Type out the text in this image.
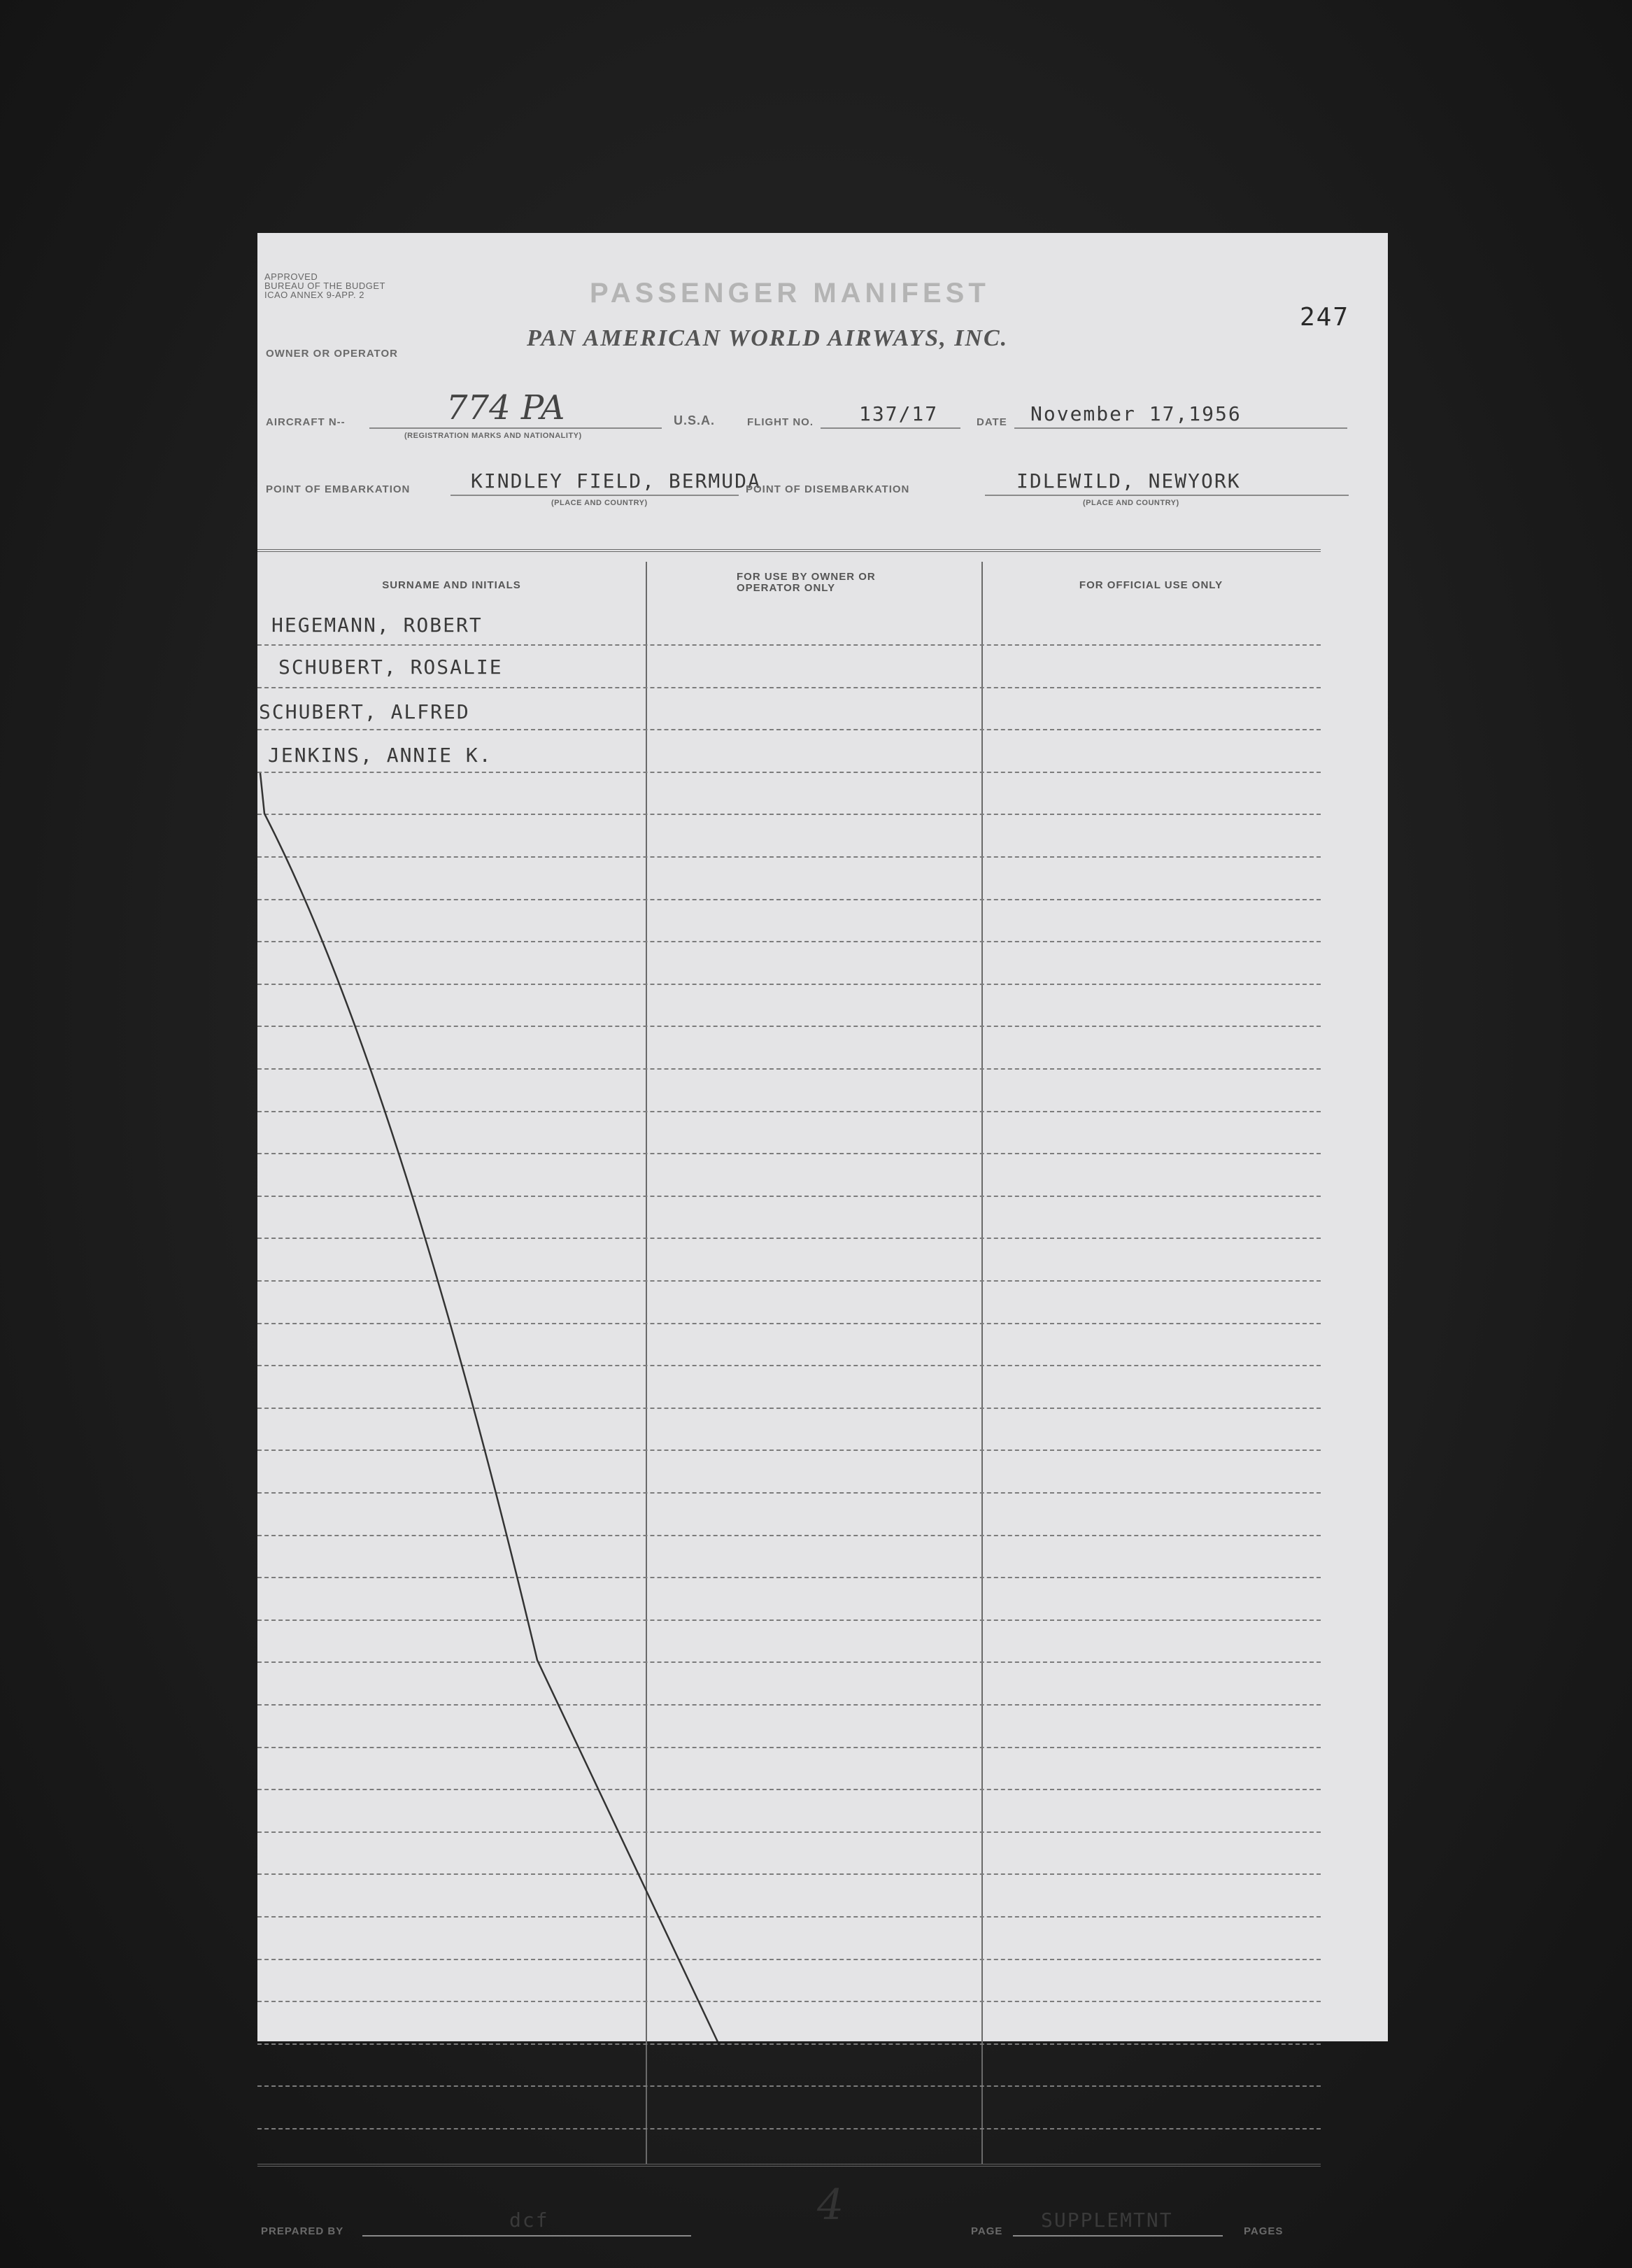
APPROVED
BUREAU OF THE BUDGET
ICAO ANNEX 9-APP. 2	PASSENGER MANIFEST
247
OWNER OR OPERATOR
PAN AMERICAN WORLD AIRWAYS, INC.
AIRCRAFT N--	774 PA
(REGISTRATION MARKS AND NATIONALITY)
U.S.A.	FLIGHT NO. 137/17	DATE November 17,1956
POINT OF EMBARKATION	KINDLEY FIELD, BERMUDA
(PLACE AND COUNTRY)
POINT OF DISEMBARKATION	IDLEWILD, NEWYORK
(PLACE AND COUNTRY)
SURNAME AND INITIALS
FOR USE BY OWNER OR OPERATOR ONLY	FOR OFFICIAL USE ONLY
HEGEMANN, ROBERT
SCHUBERT, ROSALIE
SCHUBERT, ALFRED
JENKINS, ANNIE K.
PREPARED BY	dcf	4
PAGE SUPPLEMTNT	PAGES
